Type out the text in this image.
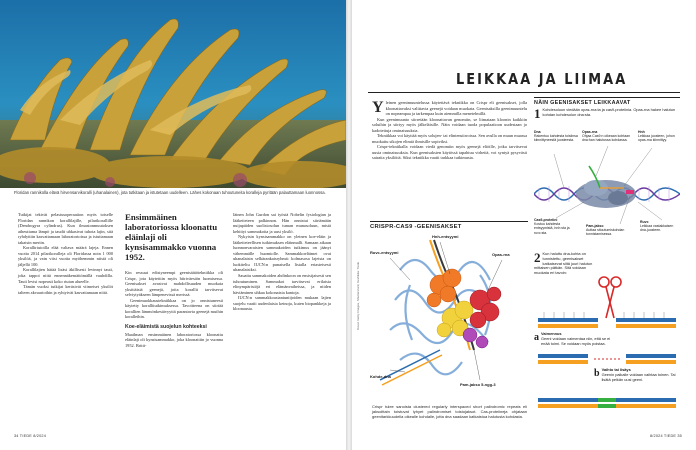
Floridan rannikolla elävä hirvensarvikoralli (uhanalainen), jota tutkitaan ja istutetaan uudelleen. Lähes kokonaan tuhoutuneita koralleja pyritään palauttamaan luonnossa.

Tutkijat tekivät pelastusoperaation myös toiselle Floridan rannikon korallilajille, pilarikorallille (Dendrogyra cylindrus). Kun ilmastonmuutoksen aiheuttama lämpö ja taudit uhkasivat tuhota lajin, sitä ryhdyttiin kasvattamaan laboratorioissa ja istuttamaan takaisin meriin.

Koralliriutoilla elää valtava määrä lajeja. Ennen vuotta 2014 pilarikoralleja oli Floridassa noin 1 000 yksilöä, ja vain viisi vuotta myöhemmin niistä oli jäljellä 100.

Korallilajien hätää lisäsi äkillisesti levinnyt tauti, joka tappoi niitä ennennäkemättömällä vauhdilla. Tauti levisi nopeasti koko riutan alueelle.

Tämän vuoksi tutkijat keräsivät viimeiset yksilöt talteen akvaarioihin ja ryhtyivät kasvattamaan niitä.

Ensimmäinen laboratoriossa kloonattu eläinlaji oli kynsisammakko vuonna 1952.

Kin ressuut edistyneempi geenisäätötekniikka oli Crispr, jota käytettiin myös hiiriväestön luomisessa. Geenisakset avasivat mahdollisuuden muokata yksittäisiä geenejä, joita korallit tarvitsevat selviytyäkseen lämpenevissä merissä.

Geenimuokkaustekniikkaa on jo onnistuneesti käytetty korallitutkimuksessa. Tavoitteena on siirtää korallien lämmönkestävyyttä parantavia geenejä muihin koralleihin.

Koe-eläimistä suojelun kohteeksi

Maailman ensimmäinen laboratoriossa kloonattu eläinlaji oli kynsisammakko, joka kloonattiin jo vuonna 1952. Britti-

läinen John Gurdon sai työstä Nobelin fysiologian ja lääketieteen palkinnon. Hän onnistui siirtämään nuijapäiden suolistosolun tuman munasoluun, mistä kehittyi sammakoita ja uusi yksilö.

Nykyisin kynsisammakko on yleinen koe-eläin ja lääketieteellisen tutkimuksen eläinmalli. Samaan aikaan luonnonvaraisten sammakoiden tutkimus on jäänyt vähemmälle huomiolle. Sammakkoeläimet ovat uhanalaisin selkärankaisryhmä: kolmasosa lajeista on luokiteltu IUCN:n punaisella listalla eriasteisesti uhanalaisiksi.

Sauattu sammakoiden ahdinkoon on ensisijaisesti sen tuhoutuminen. Sammakot tarvitsevat erilaisia elinympäristöjä eri elämänvaiheissa, ja niiden häviäminen uhkaa kokonaisia kantoja.

IUCN:n sammakkoasiantuntijoiden mukaan lajien suojelu vaatii uudenlaisia keinoja, kuten biopankkeja ja kloonausta.

34 TIEDE 8/2024
LEIKKAA JA LIIMAA
Kuvat: Getty Images, Shutterstock; Grafiikka: Tiede
Y leinen geenimuuntelussa käytettävä tekniikka on Crispr eli geenisakset, jolla kloonattavaksi valittavia geenejä voidaan muokata. Geenisaksilla geenimuuntelu on nopeampaa ja tarkempaa kuin aiemmilla menetelmillä.

Kun geenimuunto siirretään kloonattavan genomiin, se liimataan kloonin kaikkiin soluihin ja siirtyy myös jälkeläisille. Näin voidaan tuoda populaatioon uudestaan jo kadotettuja ominaisuuksia.

Tekniikkaa voi käyttää myös solujen- tai elintensiirroissa. Sen avulla on muun muassa muokattu sikojen elimiä ihmisille sopiviksi.

Crispr-tekniikalla voidaan viedä genomiin myös geenejä eliöille, jotka tarvitsevat uusia ominaisuuksia. Kun geenisaksien käytössä tapahtuu virheitä, voi syntyä pysyvästi sairaita yksilöitä. Siksi tekniikka vaatii tarkkaa tutkimusta.

CRISPR-CAS9 -GEENISAKSET
Hnh-entsyymi
Ruvc-entsyymi	Opas-rna
Kohde-dna
Pam-jakso 5-ngg-3
Crispr tulee sanoista clustered regularly interspaced short palindromic repeats eli jaksoittain toistuvat lyhyet palindromiset toistojaksot. Cas-proteiineja ohjataan geenitarkkuudella oikealle kohdalle, jotta dna saadaan katkaistua halutusta kohdasta.
NÄIN GEENISAKSET LEIKKAAVAT
1 Kohdesoluun viedään opas-rna:ta ja cas9-proteiinia. Opas-rna hakee halutun kohdan kohdesolun dna:sta.
Dna
Rakentuu kahdesta toisiinsa kiinnittyneestä juosteesta.
Opas-rna
Ohjaa Cas9:n oikeaan kohtaan dna:han halutussa kohdassa.
Hnh
Leikkaa juosteen, johon opas-rna kiinnittyy.
Cas9-proteiini
Kostuu kahdesta entsyymistä, hnh:sta ja ruvc:sta.
Pam-jakso
Auttaa sitoutumiskohdan tunnistamisessa.
Ruvc
Leikkaa vastakkaisen dna-juosteen.
2 Kun haluttu dna-kohta on tunnistettu, geenisakset katkaisevat siitä juuri halutun mittaisen pätkän. Sitä voidaan muokata eri tavoin:
a Vaimennus
Geeni voidaan vaimentaa niin, että se ei enää toimi. Se voidaan myös poistaa.
b Vaihto tai lisäys
Geenin paikalle voidaan vaihtaa toinen. Tai lisätä pelkän uusi geeni.
8/2024 TIEDE 35
